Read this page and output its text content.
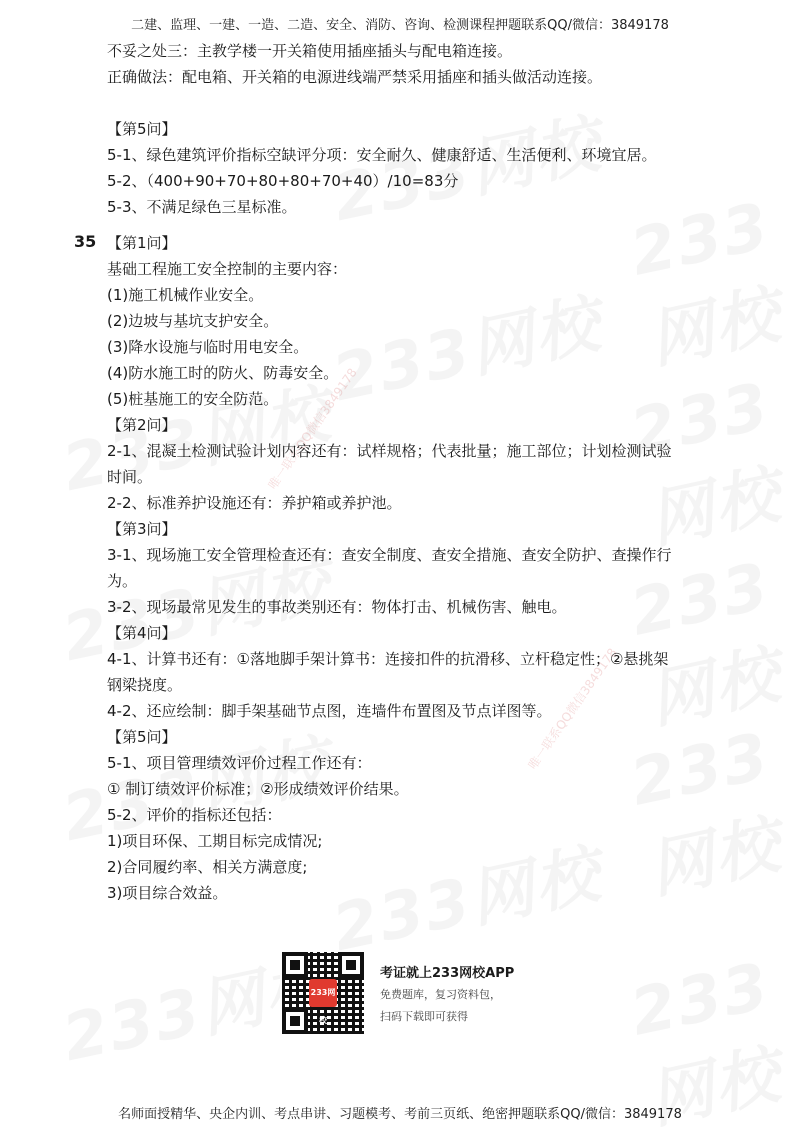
唯一联系QQ微信3849178
唯一联系QQ微信3849178
二建、监理、一建、一造、二造、安全、消防、咨询、检测课程押题联系QQ/微信：3849178
35
不妥之处三：主教学楼一开关箱使用插座插头与配电箱连接。
正确做法：配电箱、开关箱的电源进线端严禁采用插座和插头做活动连接。
【第5问】
5-1、绿色建筑评价指标空缺评分项：安全耐久、健康舒适、生活便利、环境宜居。
5-2、（400+90+70+80+80+70+40）/10=83分
5-3、不满足绿色三星标准。
【第1问】
基础工程施工安全控制的主要内容：
(1)施工机械作业安全。
(2)边坡与基坑支护安全。
(3)降水设施与临时用电安全。
(4)防水施工时的防火、防毒安全。
(5)桩基施工的安全防范。
【第2问】
2-1、混凝土检测试验计划内容还有：试样规格；代表批量；施工部位；计划检测试验
时间。
2-2、标准养护设施还有：养护箱或养护池。
【第3问】
3-1、现场施工安全管理检查还有：查安全制度、查安全措施、查安全防护、查操作行
为。
3-2、现场最常见发生的事故类别还有：物体打击、机械伤害、触电。
【第4问】
4-1、计算书还有：①落地脚手架计算书：连接扣件的抗滑移、立杆稳定性；②悬挑架
钢梁挠度。
4-2、还应绘制：脚手架基础节点图，连墙件布置图及节点详图等。
【第5问】
5-1、项目管理绩效评价过程工作还有：
① 制订绩效评价标准；②形成绩效评价结果。
5-2、评价的指标还包括：
1)项目环保、工期目标完成情况;
2)合同履约率、相关方满意度;
3)项目综合效益。
233网校
考证就上233网校APP
免费题库，复习资料包，
扫码下载即可获得
名师面授精华、央企内训、考点串讲、习题模考、考前三页纸、绝密押题联系QQ/微信：3849178
